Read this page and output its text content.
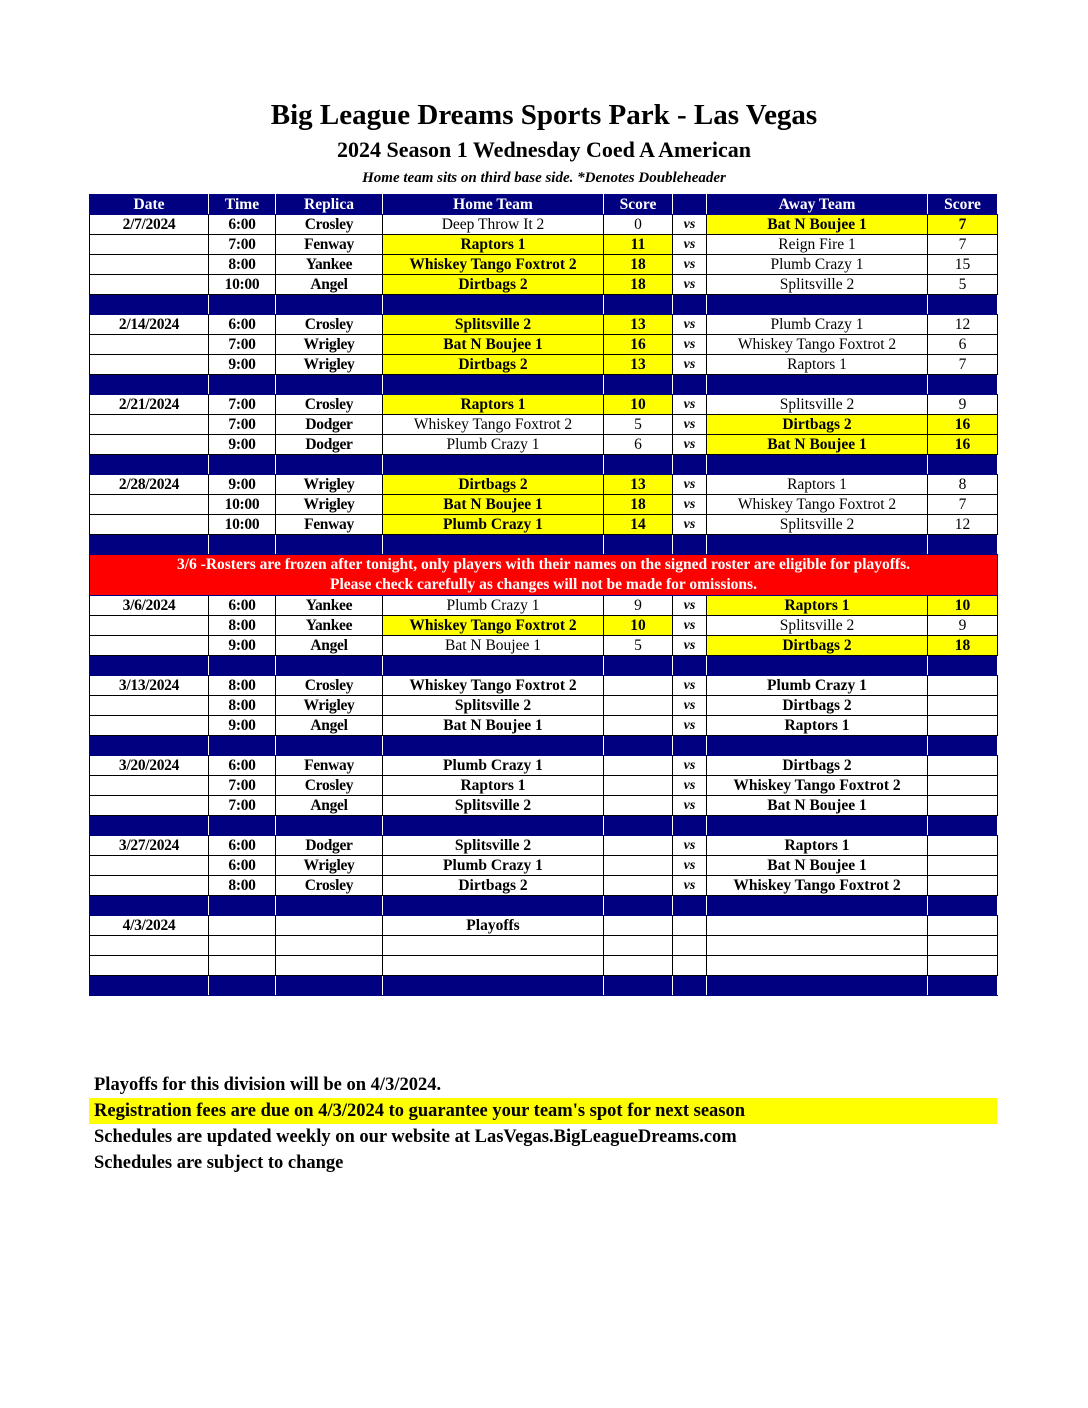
Big League Dreams Sports Park - Las Vegas
2024 Season 1 Wednesday Coed A American
Home team sits on third base side. *Denotes Doubleheader
Date	Time	Replica	Home Team	Score		Away Team	Score
2/7/2024	6:00	Crosley	Deep Throw It 2	0	vs	Bat N Boujee 1	7
	7:00	Fenway	Raptors 1	11	vs	Reign Fire 1	7
	8:00	Yankee	Whiskey Tango Foxtrot 2	18	vs	Plumb Crazy 1	15
	10:00	Angel	Dirtbags 2	18	vs	Splitsville 2	5

2/14/2024	6:00	Crosley	Splitsville 2	13	vs	Plumb Crazy 1	12
	7:00	Wrigley	Bat N Boujee 1	16	vs	Whiskey Tango Foxtrot 2	6
	9:00	Wrigley	Dirtbags 2	13	vs	Raptors 1	7

2/21/2024	7:00	Crosley	Raptors 1	10	vs	Splitsville 2	9
	7:00	Dodger	Whiskey Tango Foxtrot 2	5	vs	Dirtbags 2	16
	9:00	Dodger	Plumb Crazy 1	6	vs	Bat N Boujee 1	16

2/28/2024	9:00	Wrigley	Dirtbags 2	13	vs	Raptors 1	8
	10:00	Wrigley	Bat N Boujee 1	18	vs	Whiskey Tango Foxtrot 2	7
	10:00	Fenway	Plumb Crazy 1	14	vs	Splitsville 2	12

3/6 -Rosters are frozen after tonight, only players with their names on the signed roster are eligible for playoffs.
Please check carefully as changes will not be made for omissions.							

3/6/2024	6:00	Yankee	Plumb Crazy 1	9	vs	Raptors 1	10
	8:00	Yankee	Whiskey Tango Foxtrot 2	10	vs	Splitsville 2	9
	9:00	Angel	Bat N Boujee 1	5	vs	Dirtbags 2	18

3/13/2024	8:00	Crosley	Whiskey Tango Foxtrot 2		vs	Plumb Crazy 1	
	8:00	Wrigley	Splitsville 2		vs	Dirtbags 2	
	9:00	Angel	Bat N Boujee 1		vs	Raptors 1	

3/20/2024	6:00	Fenway	Plumb Crazy 1		vs	Dirtbags 2	
	7:00	Crosley	Raptors 1		vs	Whiskey Tango Foxtrot 2	
	7:00	Angel	Splitsville 2		vs	Bat N Boujee 1	

3/27/2024	6:00	Dodger	Splitsville 2		vs	Raptors 1	
	6:00	Wrigley	Plumb Crazy 1		vs	Bat N Boujee 1	
	8:00	Crosley	Dirtbags 2		vs	Whiskey Tango Foxtrot 2	

4/3/2024			Playoffs				

Playoffs for this division will be on 4/3/2024.
Registration fees are due on 4/3/2024 to guarantee your team's spot for next season
Schedules are updated weekly on our website at LasVegas.BigLeagueDreams.com
Schedules are subject to change
